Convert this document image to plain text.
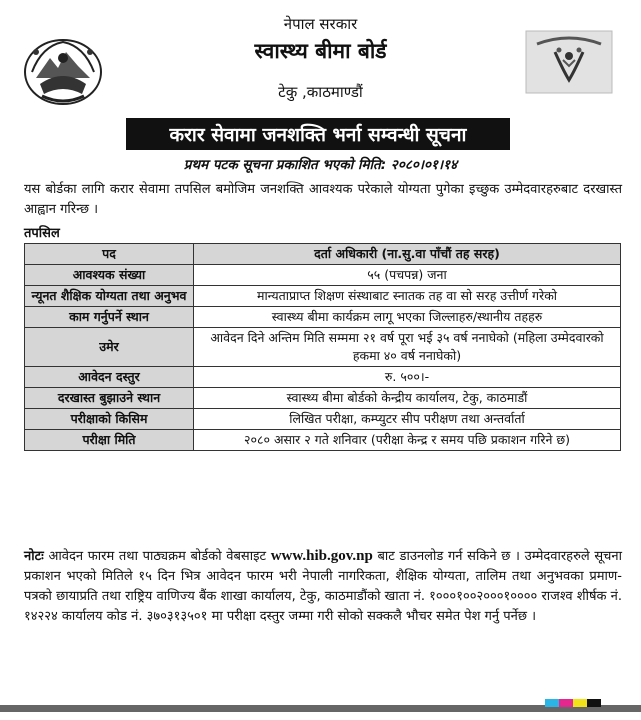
नेपाल सरकार
स्वास्थ्य बीमा बोर्ड
टेकु ,काठमाण्डौं
करार सेवामा जनशक्ति भर्ना सम्वन्धी सूचना
प्रथम पटक सूचना प्रकाशित भएको मिति: २०८०।०१।१४
यस बोर्डका लागि करार सेवामा तपसिल बमोजिम जनशक्ति आवश्यक परेकाले योग्यता पुगेका इच्छुक उम्मेदवारहरुबाट दरखास्त आह्वान गरिन्छ ।
तपसिल
पद	दर्ता अधिकारी (ना.सु.वा पाँचौं तह सरह)
आवश्यक संख्या	५५ (पचपन्न) जना
न्यूनत शैक्षिक योग्यता तथा अनुभव	मान्यताप्राप्त शिक्षण संस्थाबाट स्नातक तह वा सो सरह उत्तीर्ण गरेको
काम गर्नुपर्ने स्थान	स्वास्थ्य बीमा कार्यक्रम लागू भएका जिल्लाहरु/स्थानीय तहहरु
उमेर	आवेदन दिने अन्तिम मिति सम्ममा २१ वर्ष पूरा भई ३५ वर्ष ननाघेको (महिला उम्मेदवारको हकमा ४० वर्ष ननाघेको)
आवेदन दस्तुर	रु. ५००।-
दरखास्त बुझाउने स्थान	स्वास्थ्य बीमा बोर्डको केन्द्रीय कार्यालय, टेकु, काठमाडौं
परीक्षाको किसिम	लिखित परीक्षा, कम्प्युटर सीप परीक्षण तथा अन्तर्वार्ता
परीक्षा मिति	२०८० असार २ गते शनिवार (परीक्षा केन्द्र र समय पछि प्रकाशन गरिने छ)
नोटः आवेदन फारम तथा पाठ्यक्रम बोर्डको वेबसाइट www.hib.gov.np बाट डाउनलोड गर्न सकिने छ । उम्मेदवारहरुले सूचना प्रकाशन भएको मितिले १५ दिन भित्र आवेदन फारम भरी नेपाली नागरिकता, शैक्षिक योग्यता, तालिम तथा अनुभवका प्रमाण-पत्रको छायाप्रति तथा राष्ट्रिय वाणिज्य बैंक शाखा कार्यालय, टेकु, काठमाडौंको खाता नं. १०००१००२०००१०००० राजश्व शीर्षक नं. १४२२४ कार्यालय कोड नं. ३७०३१३५०१ मा परीक्षा दस्तुर जम्मा गरी सोको सक्कलै भौचर समेत पेश गर्नु पर्नेछ ।
